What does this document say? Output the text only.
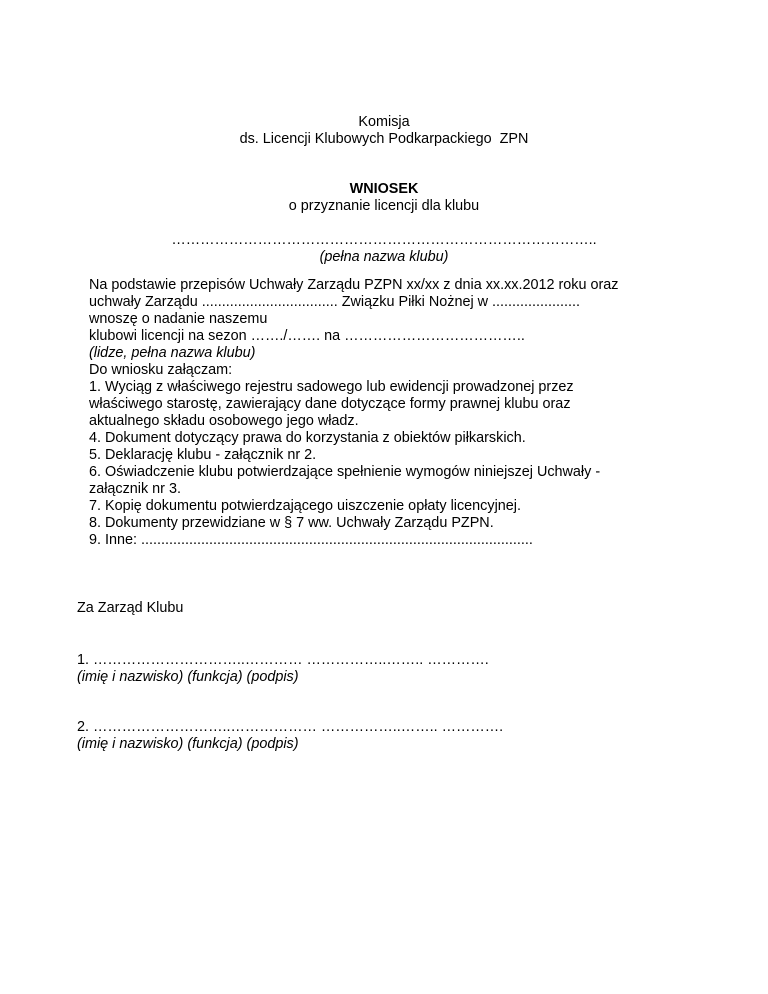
Komisja
ds. Licencji Klubowych Podkarpackiego  ZPN
WNIOSEK
o przyznanie licencji dla klubu
……………………………………………………………………………..
(pełna nazwa klubu)
Na podstawie przepisów Uchwały Zarządu PZPN xx/xx z dnia xx.xx.2012 roku oraz
uchwały Zarządu .................................. Związku Piłki Nożnej w ......................
wnoszę o nadanie naszemu
klubowi licencji na sezon ……./……. na ………………………………..
(lidze, pełna nazwa klubu)
Do wniosku załączam:
1. Wyciąg z właściwego rejestru sadowego lub ewidencji prowadzonej przez
właściwego starostę, zawierający dane dotyczące formy prawnej klubu oraz
aktualnego składu osobowego jego władz.
4. Dokument dotyczący prawa do korzystania z obiektów piłkarskich.
5. Deklarację klubu - załącznik nr 2.
6. Oświadczenie klubu potwierdzające spełnienie wymogów niniejszej Uchwały -
załącznik nr 3.
7. Kopię dokumentu potwierdzającego uiszczenie opłaty licencyjnej.
8. Dokumenty przewidziane w § 7 ww. Uchwały Zarządu PZPN.
9. Inne: ..................................................................................................
Za Zarząd Klubu
1. …………………………..………… ……………..…….. ………….
(imię i nazwisko) (funkcja) (podpis)
2. ………………………..……………… ……………..…….. ………….
(imię i nazwisko) (funkcja) (podpis)
